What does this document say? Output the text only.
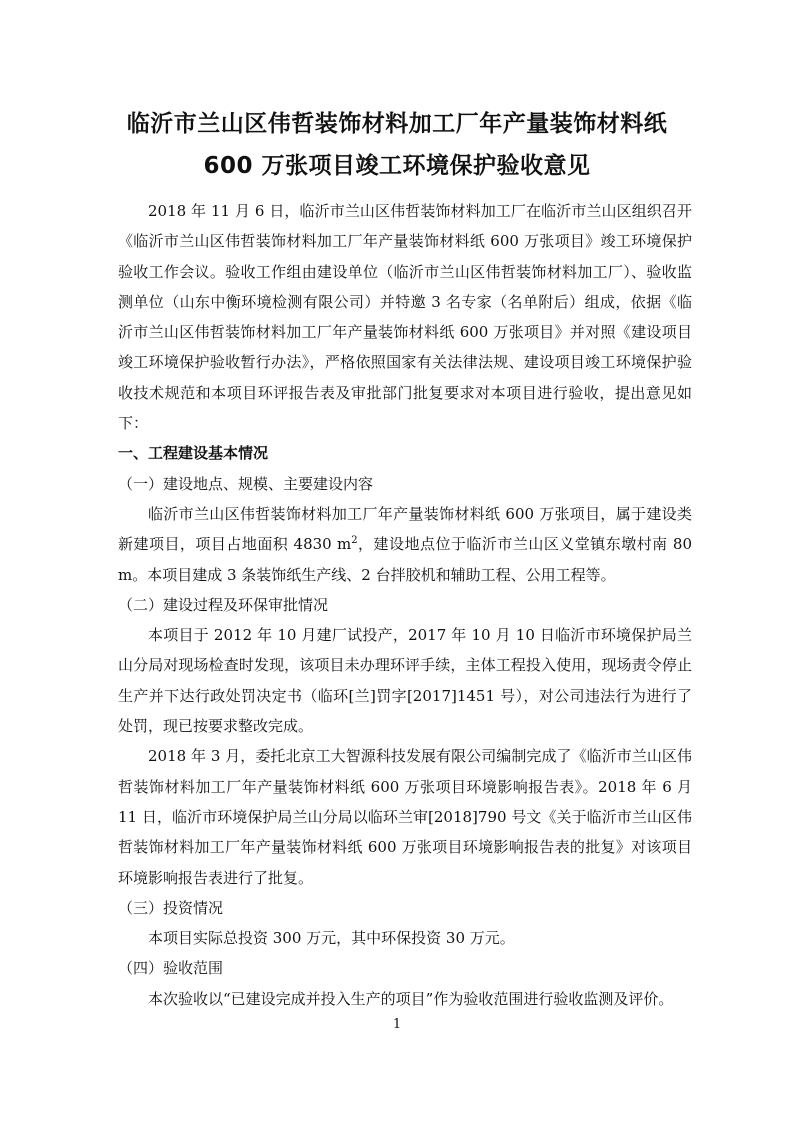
临沂市兰山区伟哲装饰材料加工厂年产量装饰材料纸
600 万张项目竣工环境保护验收意见

2018 年 11 月 6 日，临沂市兰山区伟哲装饰材料加工厂在临沂市兰山区组织召开《临沂市兰山区伟哲装饰材料加工厂年产量装饰材料纸 600 万张项目》竣工环境保护验收工作会议。验收工作组由建设单位（临沂市兰山区伟哲装饰材料加工厂）、验收监测单位（山东中衡环境检测有限公司）并特邀 3 名专家（名单附后）组成，依据《临沂市兰山区伟哲装饰材料加工厂年产量装饰材料纸 600 万张项目》并对照《建设项目竣工环境保护验收暂行办法》，严格依照国家有关法律法规、建设项目竣工环境保护验收技术规范和本项目环评报告表及审批部门批复要求对本项目进行验收，提出意见如下：

一、工程建设基本情况

（一）建设地点、规模、主要建设内容

临沂市兰山区伟哲装饰材料加工厂年产量装饰材料纸 600 万张项目，属于建设类新建项目，项目占地面积 4830 $m^2$，建设地点位于临沂市兰山区义堂镇东墩村南 80 m。本项目建成 3 条装饰纸生产线、2 台拌胶机和辅助工程、公用工程等。

（二）建设过程及环保审批情况

本项目于 2012 年 10 月建厂试投产，2017 年 10 月 10 日临沂市环境保护局兰山分局对现场检查时发现，该项目未办理环评手续，主体工程投入使用，现场责令停止生产并下达行政处罚决定书（临环[兰]罚字[2017]1451 号），对公司违法行为进行了处罚，现已按要求整改完成。

2018 年 3 月，委托北京工大智源科技发展有限公司编制完成了《临沂市兰山区伟哲装饰材料加工厂年产量装饰材料纸 600 万张项目环境影响报告表》。2018 年 6 月 11 日，临沂市环境保护局兰山分局以临环兰审[2018]790 号文《关于临沂市兰山区伟哲装饰材料加工厂年产量装饰材料纸 600 万张项目环境影响报告表的批复》对该项目环境影响报告表进行了批复。

（三）投资情况

本项目实际总投资 300 万元，其中环保投资 30 万元。

（四）验收范围

本次验收以“已建设完成并投入生产的项目”作为验收范围进行验收监测及评价。

1
